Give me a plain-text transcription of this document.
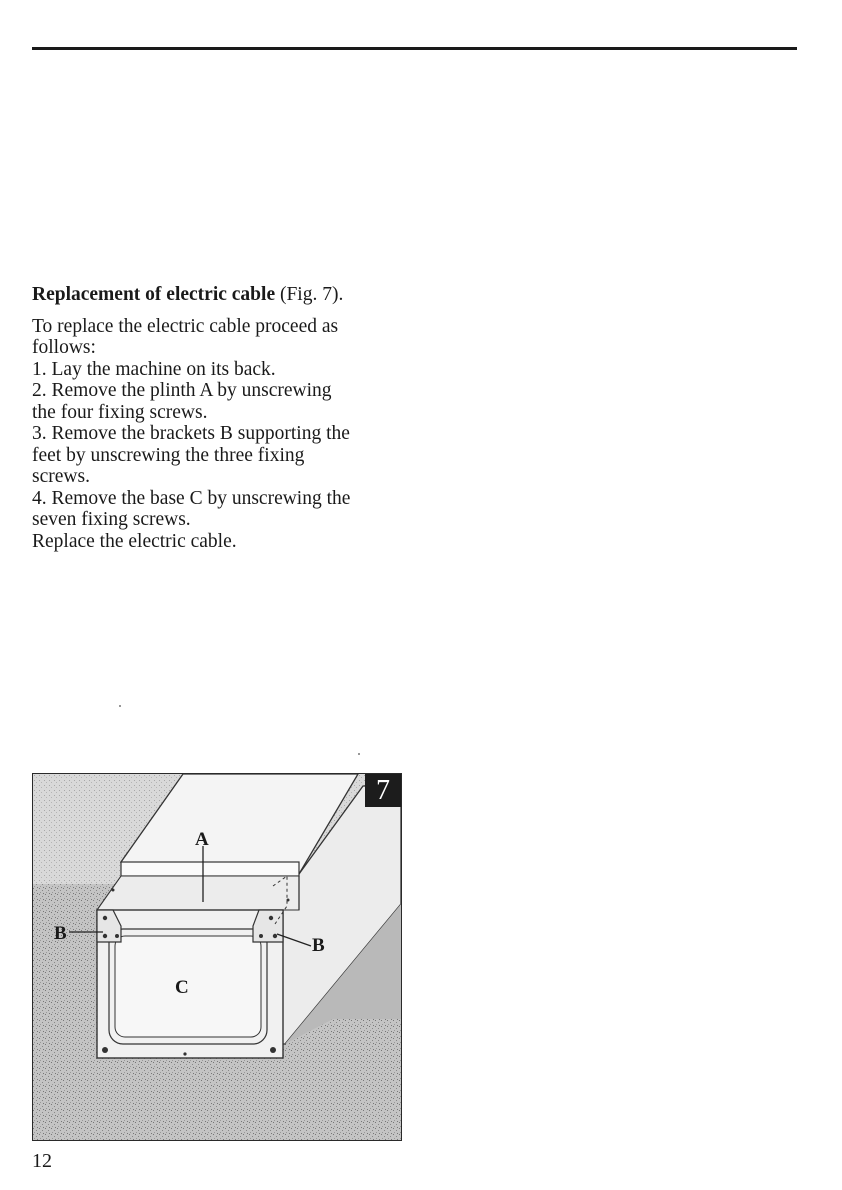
Replacement of electric cable (Fig. 7).

To replace the electric cable proceed as
follows:
1. Lay the machine on its back.
2. Remove the plinth A by unscrewing
the four fixing screws.
3. Remove the brackets B supporting the
feet by unscrewing the three fixing
screws.
4. Remove the base C by unscrewing the
seven fixing screws.
Replace the electric cable.

7
A
B
B
C
12
